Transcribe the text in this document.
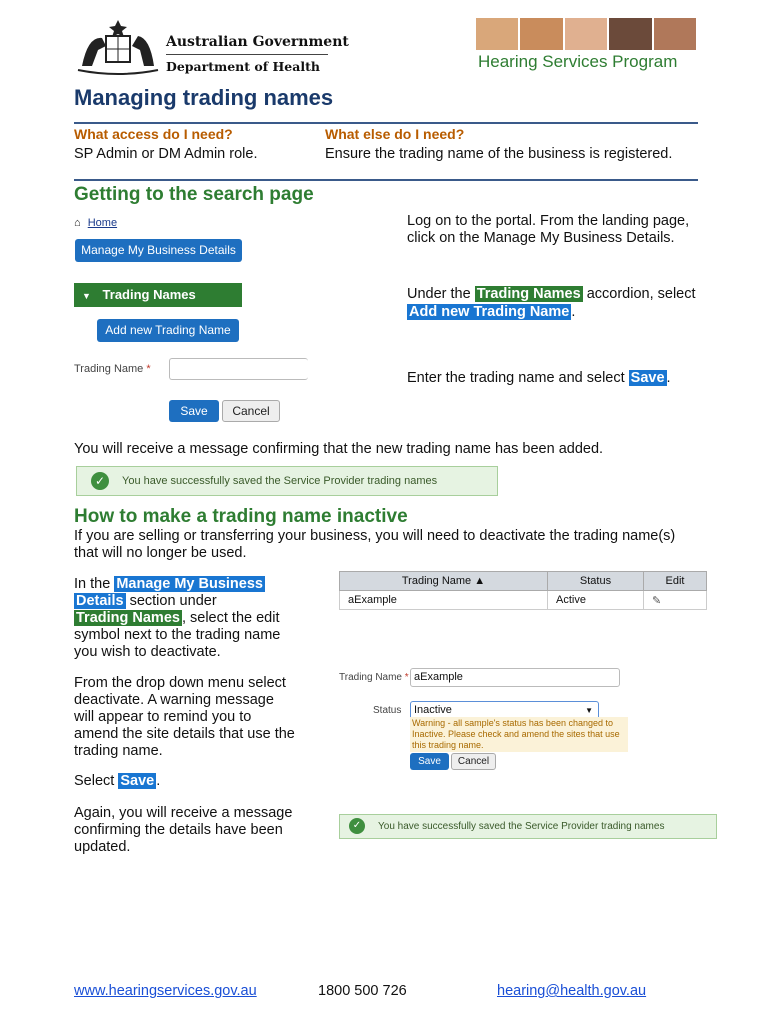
Australian Government
Department of Health	Hearing Services Program
Managing trading names
What access do I need?
SP Admin or DM Admin role.
What else do I need?
Ensure the trading name of the business is registered.
Getting to the search page
⌂ Home
Manage My Business Details
▼ Trading Names
Add new Trading Name
Trading Name *
Save	Cancel
Log on to the portal. From the landing page, click on the Manage My Business Details.
Under the Trading Names accordion, select Add new Trading Name .
Enter the trading name and select Save .
You will receive a message confirming that the new trading name has been added.
✓	You have successfully saved the Service Provider trading names
How to make a trading name inactive
If you are selling or transferring your business, you will need to deactivate the trading name(s) that will no longer be used.
In the Manage My Business
Details section under
Trading Names , select the edit symbol next to the trading name you wish to deactivate.
From the drop down menu select deactivate. A warning message will appear to remind you to amend the site details that use the trading name.
Select Save .
Again, you will receive a message confirming the details have been updated.
Trading Name ▲	Status	Edit
aExample	Active	✎
Trading Name * aExample
Status	Inactive	▼
Warning - all sample's status has been changed to Inactive. Please check and amend the sites that use this trading name.
Save	Cancel
✓	You have successfully saved the Service Provider trading names
www.hearingservices.gov.au	1800 500 726	hearing@health.gov.au
